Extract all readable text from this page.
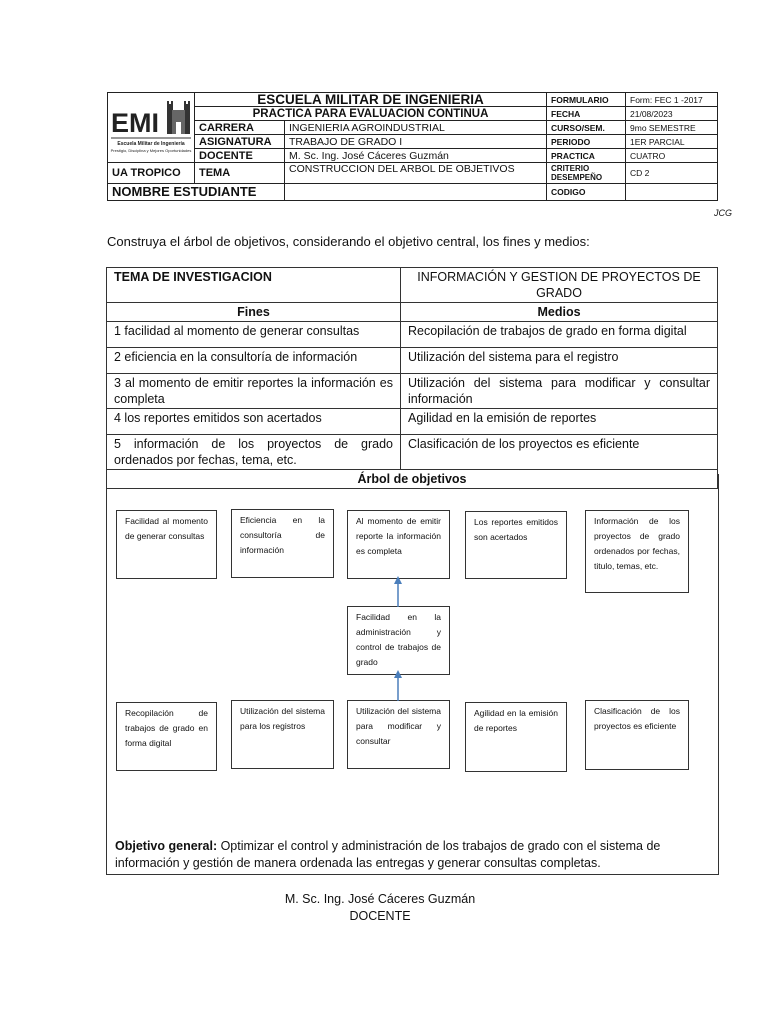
EMI
Escuela Militar de Ingeniería
Prestigio, Disciplina y Mejores Oportunidades	ESCUELA MILITAR DE INGENIERIA		FORMULARIO	Form: FEC 1 -2017
	PRACTICA PARA EVALUACION CONTINUA		FECHA	21/08/2023
	CARRERA	INGENIERIA AGROINDUSTRIAL	CURSO/SEM.	9mo SEMESTRE
	ASIGNATURA	TRABAJO DE GRADO I	PERIODO	1ER PARCIAL
	DOCENTE	M. Sc. Ing. José Cáceres Guzmán	PRACTICA	CUATRO
UA TROPICO	TEMA	CONSTRUCCION DEL ARBOL DE OBJETIVOS	CRITERIO DESEMPEÑO	CD 2
NOMBRE ESTUDIANTE			CODIGO	
JCG
Construya el árbol de objetivos, considerando el objetivo central, los fines y medios:
TEMA DE INVESTIGACION	INFORMACIÓN Y GESTION DE PROYECTOS DE GRADO
Fines	Medios
1 facilidad al momento de generar consultas	Recopilación de trabajos de grado en forma digital
2 eficiencia en la consultoría de información	Utilización del sistema para el registro
3 al momento de emitir reportes la información es completa	Utilización del sistema para modificar y consultar información
4 los reportes emitidos son acertados	Agilidad en la emisión de reportes
5 información de los proyectos de grado ordenados por fechas, tema, etc.	Clasificación de los proyectos es eficiente
Árbol de objetivos	
Facilidad al momento de generar consultas
Eficiencia en la consultoría de información
Al momento de emitir reporte la información es completa
Los reportes emitidos son acertados
Información de los proyectos de grado ordenados por fechas, titulo, temas, etc.
Facilidad en la administración y control de trabajos de grado
Recopilación de trabajos de grado en forma digital
Utilización del sistema para los registros
Utilización del sistema para modificar y consultar
Agilidad en la emisión de reportes
Clasificación de los proyectos es eficiente
Objetivo general: Optimizar el control y administración de los trabajos de grado con el sistema de información y gestión de manera ordenada las entregas y generar consultas completas.
M. Sc. Ing. José Cáceres Guzmán
DOCENTE
